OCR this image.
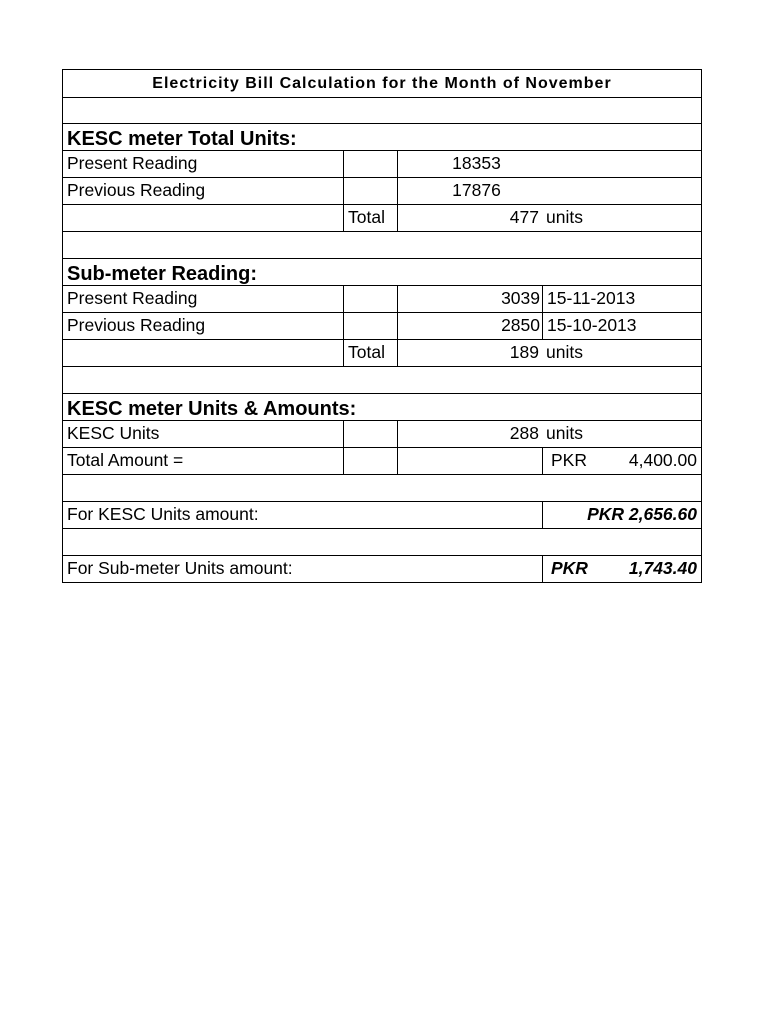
Electricity Bill Calculation for the Month of November
KESC meter Total Units:
Present Reading	18353
Previous Reading	17876
Total	477 units
Sub-meter Reading:
Present Reading	3039 15-11-2013
Previous Reading	2850 15-10-2013
Total	189 units
KESC meter Units & Amounts:
KESC Units	288 units
Total Amount =	PKR 4,400.00
For KESC Units amount:	PKR 2,656.60
For Sub-meter Units amount:	PKR 1,743.40
